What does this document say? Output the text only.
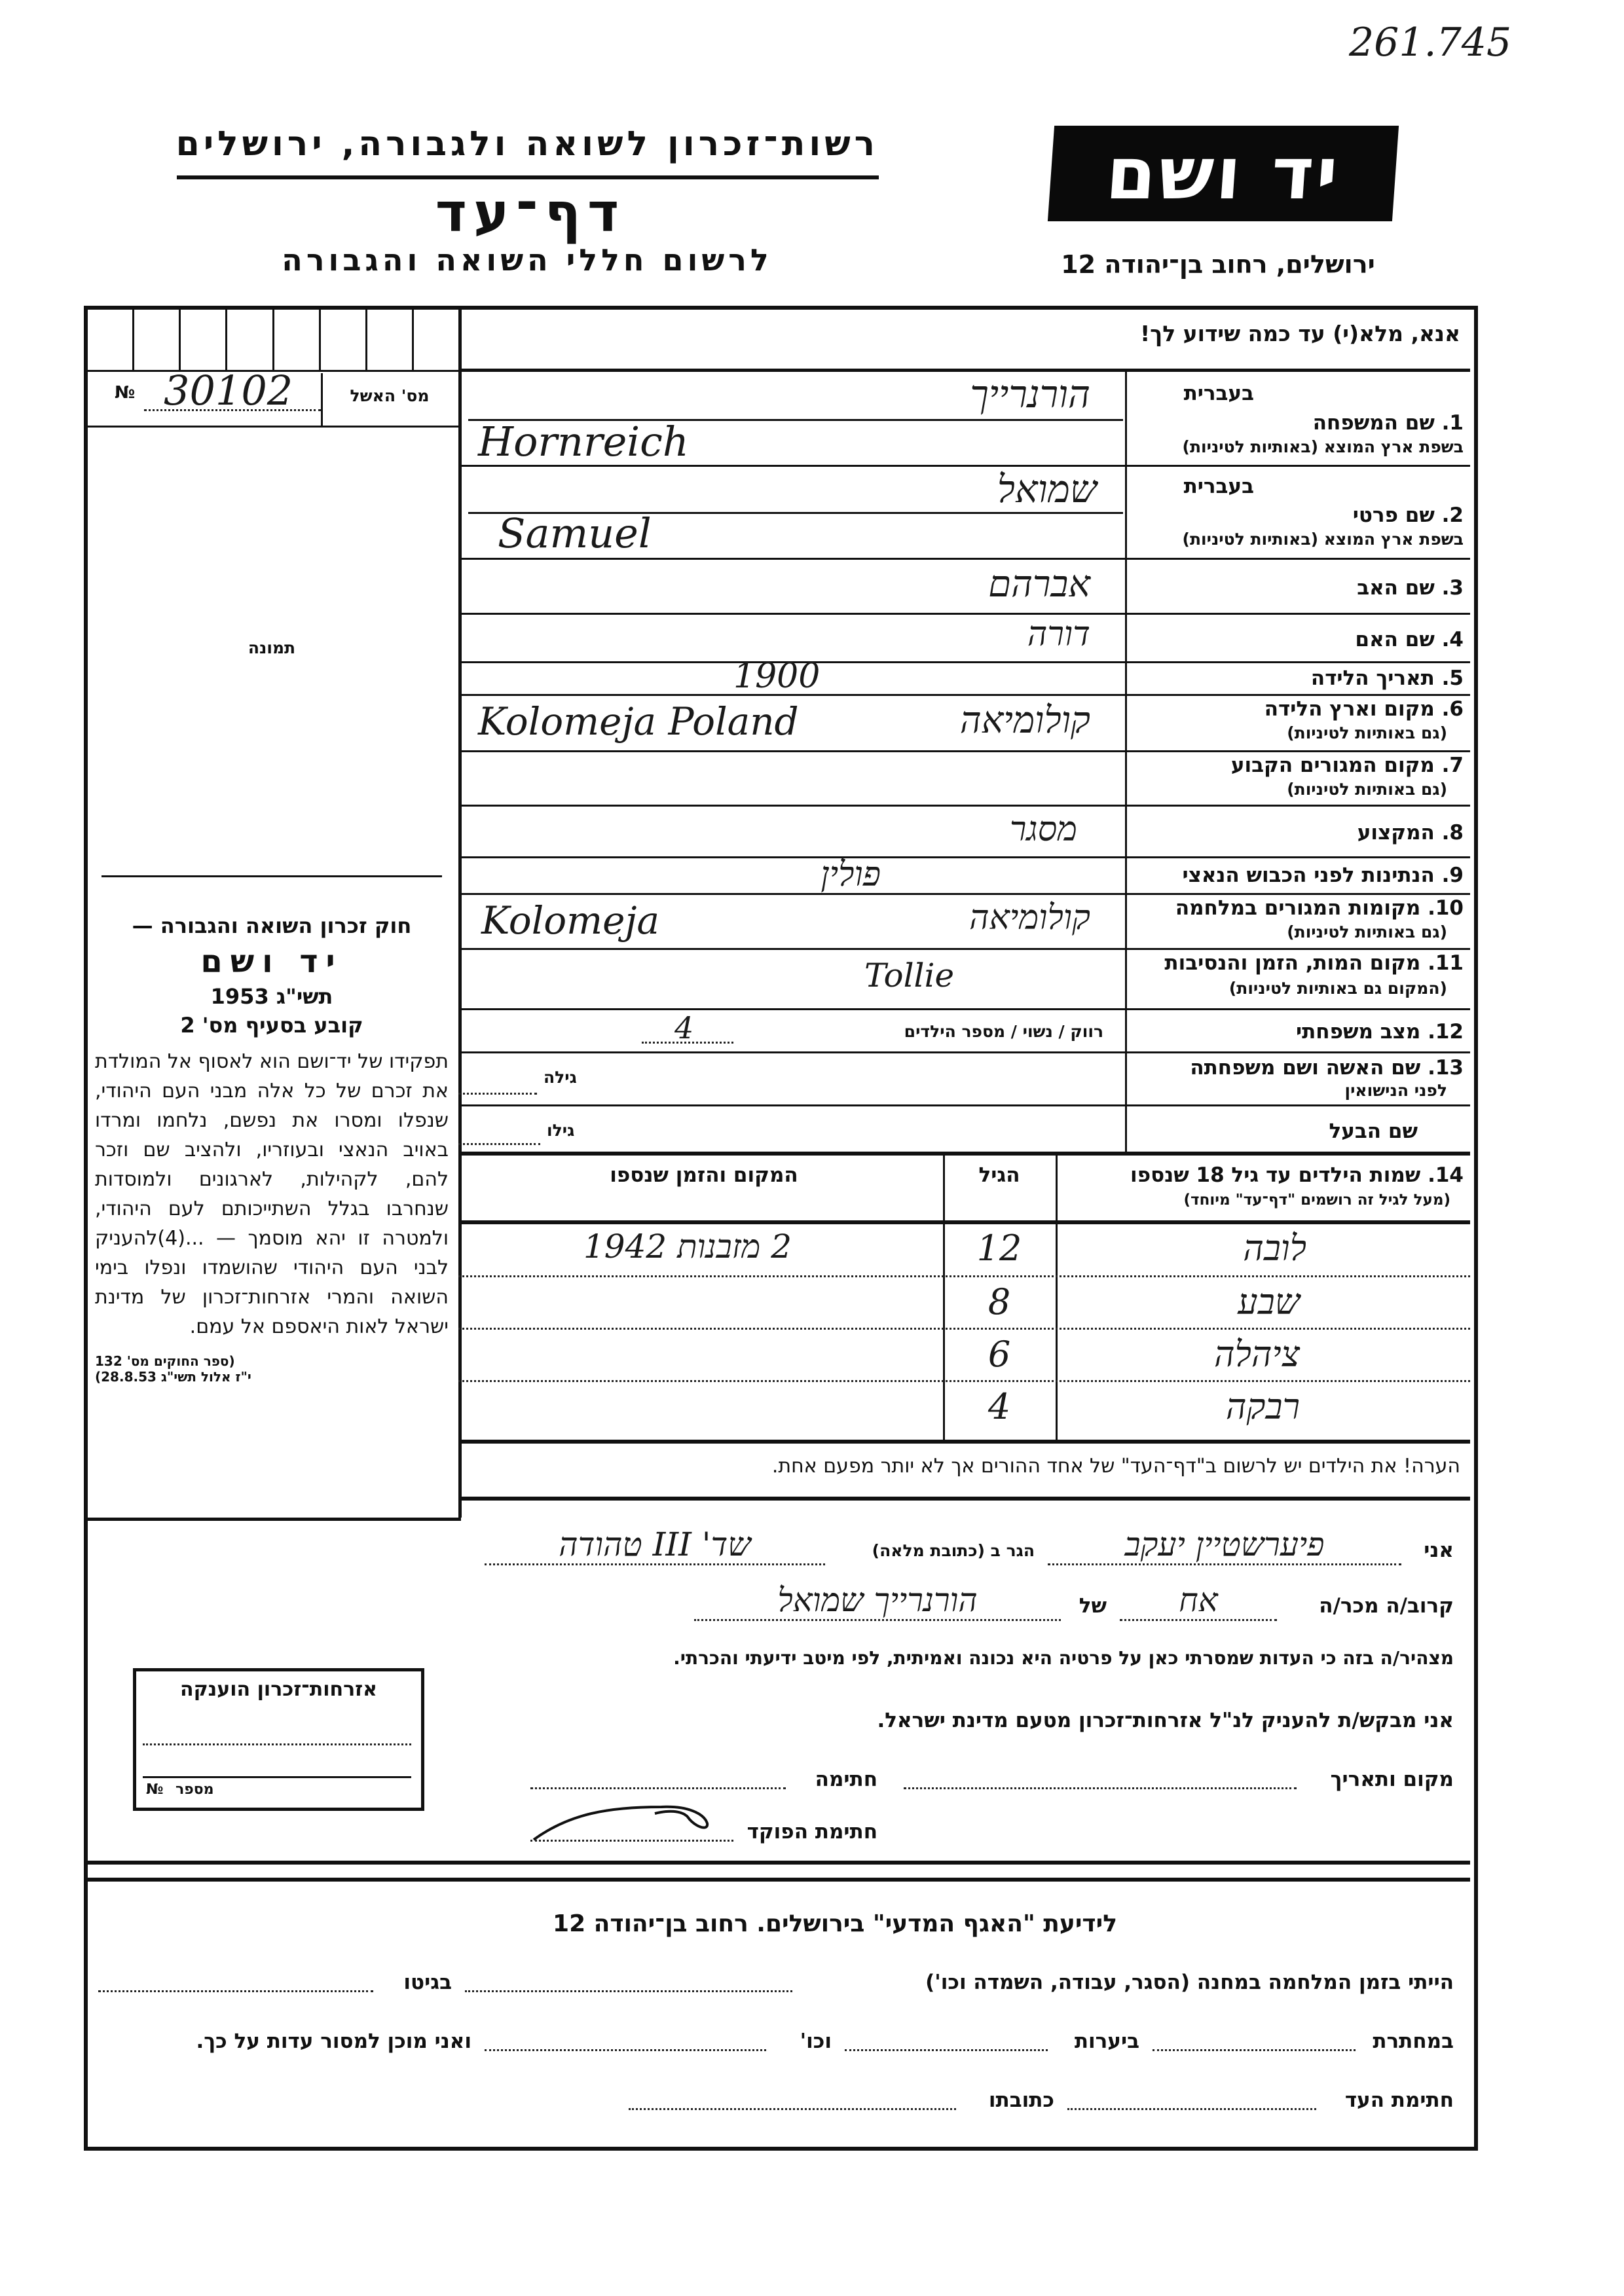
261.745
רשות־זכרון לשואה ולגבורה, ירושלים
דף־עד
לרשום חללי השואה והגבורה
יד ושם
ירושלים, רחוב בן־יהודה 12
№ 30102	מס' האשל
תמונה
חוק זכרון השואה והגבורה —
יד ושם
תשי"ג 1953
קובע בסעיף מס' 2
תפקידו של יד־ושם הוא לאסוף אל המולדת את זכרם של כל אלה מבני העם היהודי, שנפלו ומסרו את נפשם, נלחמו ומרדו באויב הנאצי ובעוזריו, ולהציב שם וזכר להם, לקהילות, לארגונים ולמוסדות שנחרבו בגלל השתייכותם לעם היהודי, ולמטרה זו יהא מוסמך — ...(4)להעניק לבני העם היהודי שהושמדו ונפלו בימי השואה והמרי אזרחות־זכרון של מדינת ישראל לאות היאספם אל עמם.
(ספר החוקים מס' 132
י"ז אלול תשי"ג 28.8.53)
אנא, מלא(י) עד כמה שידוע לך!
בעברית
1. שם המשפחה
בשפת ארץ המוצא (באותיות לטיניות)
הורנרייך
Hornreich
בעברית
2. שם פרטי
בשפת ארץ המוצא (באותיות לטיניות)
שמואל
Samuel
3. שם האב
אברהם
4. שם האם
דורה
5. תאריך הלידה
1900
6. מקום וארץ הלידה
(גם באותיות לטיניות)
קולומיאה
Kolomeja Poland
7. מקום המגורים הקבוע
(גם באותיות לטיניות)
8. המקצוע
מסגר
9. הנתינות לפני הכבוש הנאצי
פולין
10. מקומות המגורים במלחמה
(גם באותיות לטיניות)
קולומיאה
Kolomeja
11. מקום המות, הזמן והנסיבות
(המקום גם באותיות לטיניות)
Tollie
12. מצב משפחתי
רווק / נשוי / מספר הילדים
4
13. שם האשה ושם משפחתה
לפני הנישואין
גילה
שם הבעל
גילו
14. שמות הילדים עד גיל 18 שנספו
(מעל לגיל זה רושמים "דף־עד" מיוחד)
הגיל
המקום והזמן שנספו
לובה
12
2 מזבנות 1942
שבע
8
ציהלה
6
רבקה
4
הערה! את הילדים יש לרשום ב"דף־העד" של אחד ההורים אך לא יותר מפעם אחת.
אני
פיערשטיין יעקב
הגר ב (כתובת מלאה)
שד' III טהודה
קרוב/ה מכר/ה
אח
של
הורנרייך שמואל
מצהיר/ה בזה כי העדות שמסרתי כאן על פרטיה היא נכונה ואמיתית, לפי מיטב ידיעתי והכרתי.
אני מבקש/ת להעניק לנ"ל אזרחות־זכרון מטעם מדינת ישראל.
מקום ותאריך
חתימה
חתימת הפוקד
אזרחות־זכרון הוענקה
№ מספר
לידיעת "האגף המדעי" בירושלים. רחוב בן־יהודה 12
הייתי בזמן המלחמה במחנה (הסגר, עבודה, השמדה וכו')
בגיטו
במחתרת
ביערות
וכו'
ואני מוכן למסור עדות על כך.
חתימת העד
כתובתו
